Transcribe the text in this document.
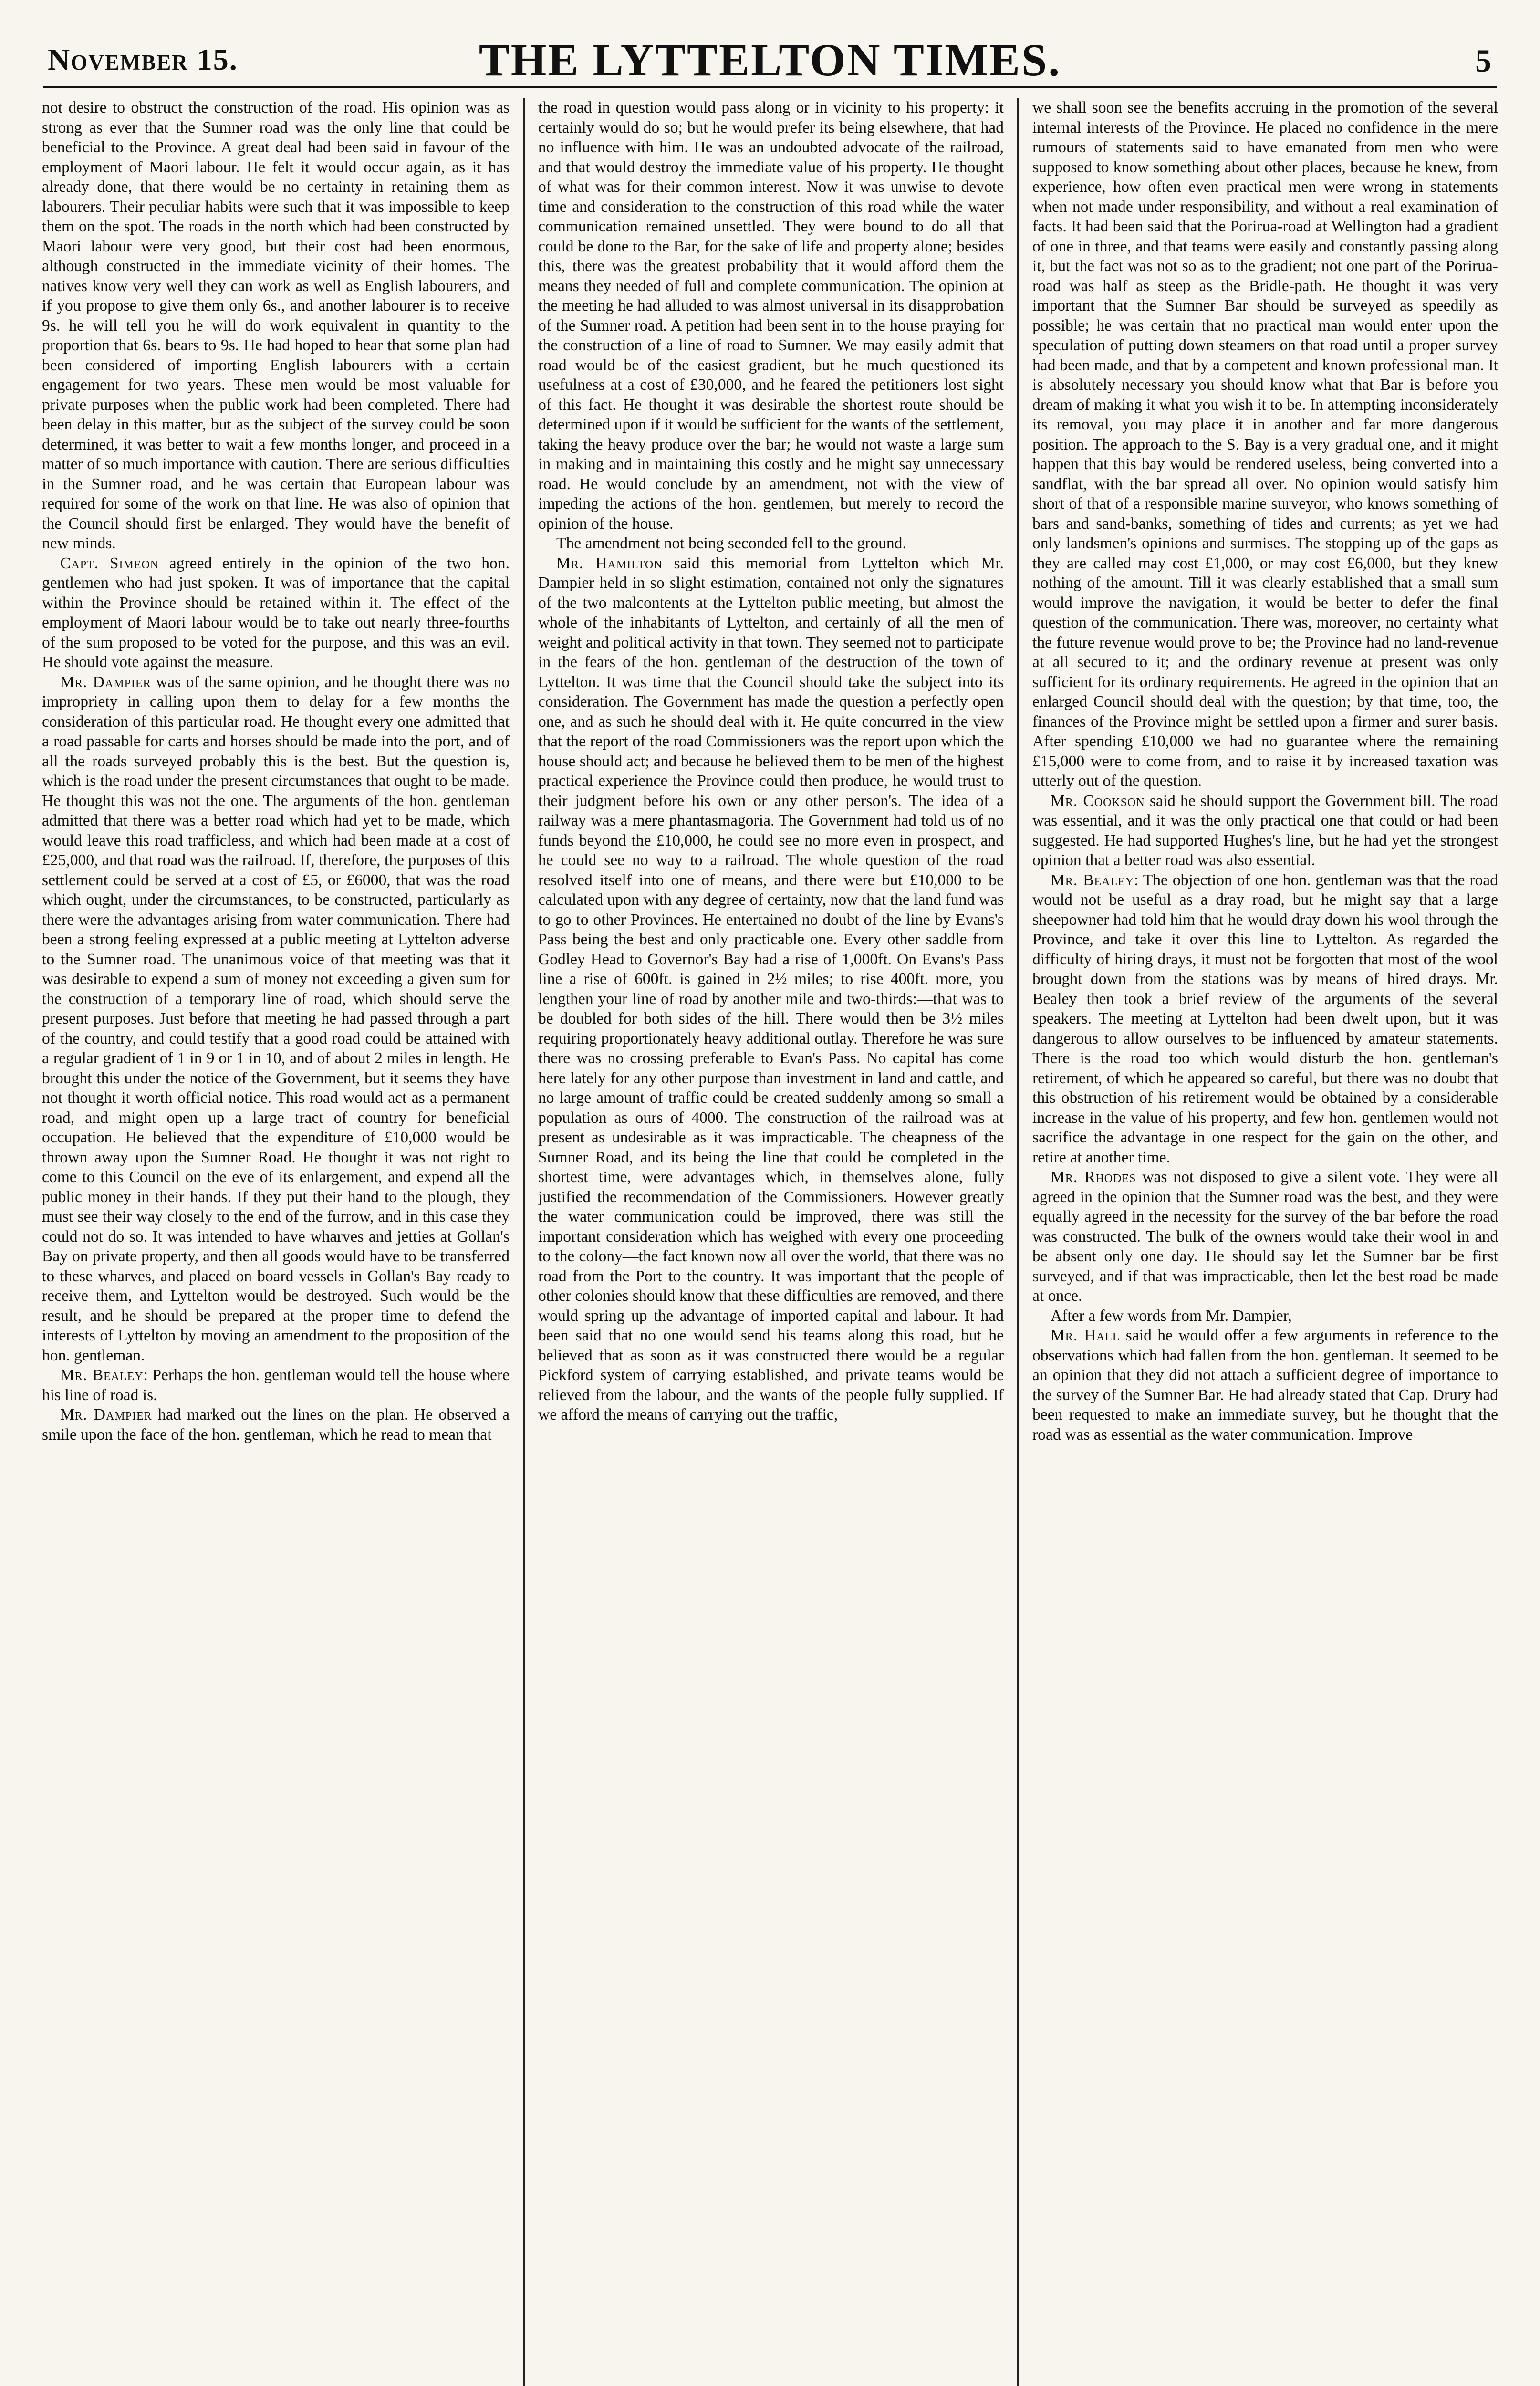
November 15.	THE LYTTELTON TIMES.	5

not desire to obstruct the construction of the road. His opinion was as strong as ever that the Sumner road was the only line that could be beneficial to the Province. A great deal had been said in favour of the employment of Maori labour. He felt it would occur again, as it has already done, that there would be no certainty in retaining them as labourers. Their peculiar habits were such that it was impossible to keep them on the spot. The roads in the north which had been constructed by Maori labour were very good, but their cost had been enormous, although constructed in the immediate vicinity of their homes. The natives know very well they can work as well as English labourers, and if you propose to give them only 6s., and another labourer is to receive 9s. he will tell you he will do work equivalent in quantity to the proportion that 6s. bears to 9s. He had hoped to hear that some plan had been considered of importing English labourers with a certain engagement for two years. These men would be most valuable for private purposes when the public work had been completed. There had been delay in this matter, but as the subject of the survey could be soon determined, it was better to wait a few months longer, and proceed in a matter of so much importance with caution. There are serious difficulties in the Sumner road, and he was certain that European labour was required for some of the work on that line. He was also of opinion that the Council should first be enlarged. They would have the benefit of new minds.

Capt. Simeon agreed entirely in the opinion of the two hon. gentlemen who had just spoken. It was of importance that the capital within the Province should be retained within it. The effect of the employment of Maori labour would be to take out nearly three-fourths of the sum proposed to be voted for the purpose, and this was an evil. He should vote against the measure.

Mr. Dampier was of the same opinion, and he thought there was no impropriety in calling upon them to delay for a few months the consideration of this particular road. He thought every one admitted that a road passable for carts and horses should be made into the port, and of all the roads surveyed probably this is the best. But the question is, which is the road under the present circumstances that ought to be made. He thought this was not the one. The arguments of the hon. gentleman admitted that there was a better road which had yet to be made, which would leave this road trafficless, and which had been made at a cost of £25,000, and that road was the railroad. If, therefore, the purposes of this settlement could be served at a cost of £5, or £6000, that was the road which ought, under the circumstances, to be constructed, particularly as there were the advantages arising from water communication. There had been a strong feeling expressed at a public meeting at Lyttelton adverse to the Sumner road. The unanimous voice of that meeting was that it was desirable to expend a sum of money not exceeding a given sum for the construction of a temporary line of road, which should serve the present purposes. Just before that meeting he had passed through a part of the country, and could testify that a good road could be attained with a regular gradient of 1 in 9 or 1 in 10, and of about 2 miles in length. He brought this under the notice of the Government, but it seems they have not thought it worth official notice. This road would act as a permanent road, and might open up a large tract of country for beneficial occupation. He believed that the expenditure of £10,000 would be thrown away upon the Sumner Road. He thought it was not right to come to this Council on the eve of its enlargement, and expend all the public money in their hands. If they put their hand to the plough, they must see their way closely to the end of the furrow, and in this case they could not do so. It was intended to have wharves and jetties at Gollan's Bay on private property, and then all goods would have to be transferred to these wharves, and placed on board vessels in Gollan's Bay ready to receive them, and Lyttelton would be destroyed. Such would be the result, and he should be prepared at the proper time to defend the interests of Lyttelton by moving an amendment to the proposition of the hon. gentleman.

Mr. Bealey: Perhaps the hon. gentleman would tell the house where his line of road is.

Mr. Dampier had marked out the lines on the plan. He observed a smile upon the face of the hon. gentleman, which he read to mean that

the road in question would pass along or in vicinity to his property: it certainly would do so; but he would prefer its being elsewhere, that had no influence with him. He was an undoubted advocate of the railroad, and that would destroy the immediate value of his property. He thought of what was for their common interest. Now it was unwise to devote time and consideration to the construction of this road while the water communication remained unsettled. They were bound to do all that could be done to the Bar, for the sake of life and property alone; besides this, there was the greatest probability that it would afford them the means they needed of full and complete communication. The opinion at the meeting he had alluded to was almost universal in its disapprobation of the Sumner road. A petition had been sent in to the house praying for the construction of a line of road to Sumner. We may easily admit that road would be of the easiest gradient, but he much questioned its usefulness at a cost of £30,000, and he feared the petitioners lost sight of this fact. He thought it was desirable the shortest route should be determined upon if it would be sufficient for the wants of the settlement, taking the heavy produce over the bar; he would not waste a large sum in making and in maintaining this costly and he might say unnecessary road. He would conclude by an amendment, not with the view of impeding the actions of the hon. gentlemen, but merely to record the opinion of the house.

The amendment not being seconded fell to the ground.

Mr. Hamilton said this memorial from Lyttelton which Mr. Dampier held in so slight estimation, contained not only the signatures of the two malcontents at the Lyttelton public meeting, but almost the whole of the inhabitants of Lyttelton, and certainly of all the men of weight and political activity in that town. They seemed not to participate in the fears of the hon. gentleman of the destruction of the town of Lyttelton. It was time that the Council should take the subject into its consideration. The Government has made the question a perfectly open one, and as such he should deal with it. He quite concurred in the view that the report of the road Commissioners was the report upon which the house should act; and because he believed them to be men of the highest practical experience the Province could then produce, he would trust to their judgment before his own or any other person's. The idea of a railway was a mere phantasmagoria. The Government had told us of no funds beyond the £10,000, he could see no more even in prospect, and he could see no way to a railroad. The whole question of the road resolved itself into one of means, and there were but £10,000 to be calculated upon with any degree of certainty, now that the land fund was to go to other Provinces. He entertained no doubt of the line by Evans's Pass being the best and only practicable one. Every other saddle from Godley Head to Governor's Bay had a rise of 1,000ft. On Evans's Pass line a rise of 600ft. is gained in 2½ miles; to rise 400ft. more, you lengthen your line of road by another mile and two-thirds:—that was to be doubled for both sides of the hill. There would then be 3½ miles requiring proportionately heavy additional outlay. Therefore he was sure there was no crossing preferable to Evan's Pass. No capital has come here lately for any other purpose than investment in land and cattle, and no large amount of traffic could be created suddenly among so small a population as ours of 4000. The construction of the railroad was at present as undesirable as it was impracticable. The cheapness of the Sumner Road, and its being the line that could be completed in the shortest time, were advantages which, in themselves alone, fully justified the recommendation of the Commissioners. However greatly the water communication could be improved, there was still the important consideration which has weighed with every one proceeding to the colony—the fact known now all over the world, that there was no road from the Port to the country. It was important that the people of other colonies should know that these difficulties are removed, and there would spring up the advantage of imported capital and labour. It had been said that no one would send his teams along this road, but he believed that as soon as it was constructed there would be a regular Pickford system of carrying established, and private teams would be relieved from the labour, and the wants of the people fully supplied. If we afford the means of carrying out the traffic,

we shall soon see the benefits accruing in the promotion of the several internal interests of the Province. He placed no confidence in the mere rumours of statements said to have emanated from men who were supposed to know something about other places, because he knew, from experience, how often even practical men were wrong in statements when not made under responsibility, and without a real examination of facts. It had been said that the Porirua-road at Wellington had a gradient of one in three, and that teams were easily and constantly passing along it, but the fact was not so as to the gradient; not one part of the Porirua-road was half as steep as the Bridle-path. He thought it was very important that the Sumner Bar should be surveyed as speedily as possible; he was certain that no practical man would enter upon the speculation of putting down steamers on that road until a proper survey had been made, and that by a competent and known professional man. It is absolutely necessary you should know what that Bar is before you dream of making it what you wish it to be. In attempting inconsiderately its removal, you may place it in another and far more dangerous position. The approach to the S. Bay is a very gradual one, and it might happen that this bay would be rendered useless, being converted into a sandflat, with the bar spread all over. No opinion would satisfy him short of that of a responsible marine surveyor, who knows something of bars and sand-banks, something of tides and currents; as yet we had only landsmen's opinions and surmises. The stopping up of the gaps as they are called may cost £1,000, or may cost £6,000, but they knew nothing of the amount. Till it was clearly established that a small sum would improve the navigation, it would be better to defer the final question of the communication. There was, moreover, no certainty what the future revenue would prove to be; the Province had no land-revenue at all secured to it; and the ordinary revenue at present was only sufficient for its ordinary requirements. He agreed in the opinion that an enlarged Council should deal with the question; by that time, too, the finances of the Province might be settled upon a firmer and surer basis. After spending £10,000 we had no guarantee where the remaining £15,000 were to come from, and to raise it by increased taxation was utterly out of the question.

Mr. Cookson said he should support the Government bill. The road was essential, and it was the only practical one that could or had been suggested. He had supported Hughes's line, but he had yet the strongest opinion that a better road was also essential.

Mr. Bealey: The objection of one hon. gentleman was that the road would not be useful as a dray road, but he might say that a large sheepowner had told him that he would dray down his wool through the Province, and take it over this line to Lyttelton. As regarded the difficulty of hiring drays, it must not be forgotten that most of the wool brought down from the stations was by means of hired drays. Mr. Bealey then took a brief review of the arguments of the several speakers. The meeting at Lyttelton had been dwelt upon, but it was dangerous to allow ourselves to be influenced by amateur statements. There is the road too which would disturb the hon. gentleman's retirement, of which he appeared so careful, but there was no doubt that this obstruction of his retirement would be obtained by a considerable increase in the value of his property, and few hon. gentlemen would not sacrifice the advantage in one respect for the gain on the other, and retire at another time.

Mr. Rhodes was not disposed to give a silent vote. They were all agreed in the opinion that the Sumner road was the best, and they were equally agreed in the necessity for the survey of the bar before the road was constructed. The bulk of the owners would take their wool in and be absent only one day. He should say let the Sumner bar be first surveyed, and if that was impracticable, then let the best road be made at once.

After a few words from Mr. Dampier,

Mr. Hall said he would offer a few arguments in reference to the observations which had fallen from the hon. gentleman. It seemed to be an opinion that they did not attach a sufficient degree of importance to the survey of the Sumner Bar. He had already stated that Cap. Drury had been requested to make an immediate survey, but he thought that the road was as essential as the water communication. Improve
